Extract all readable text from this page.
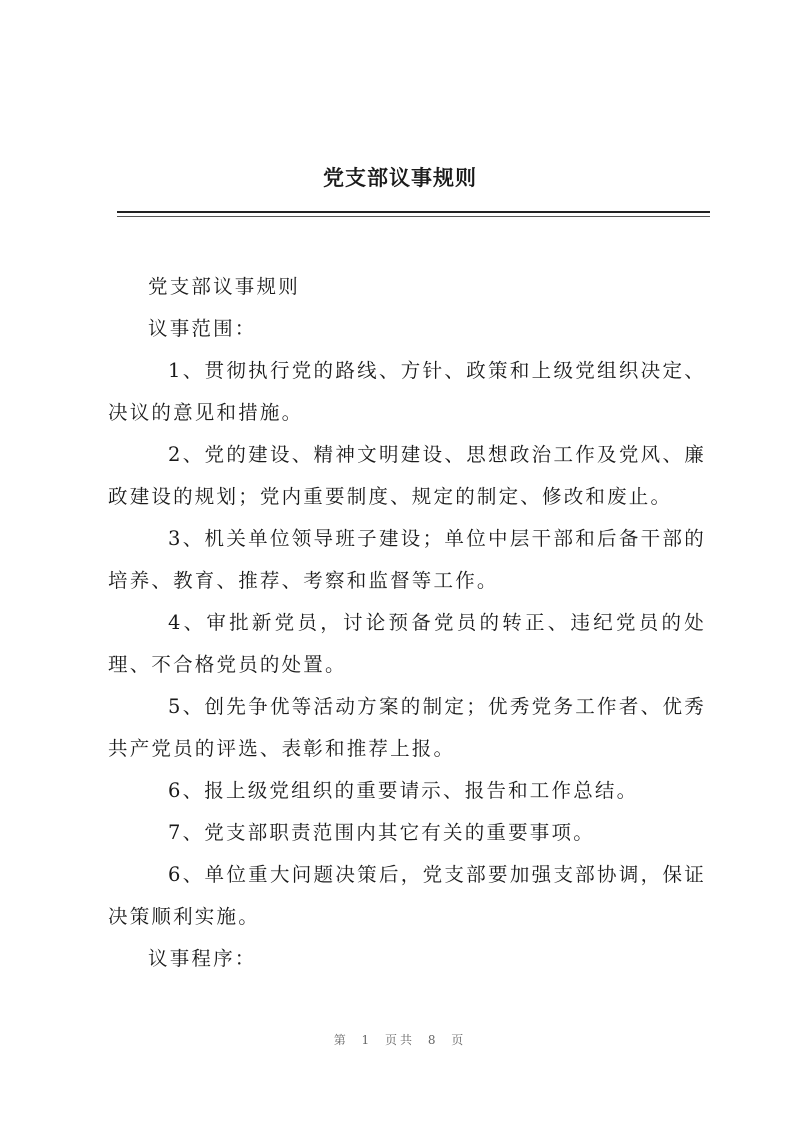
党支部议事规则

党支部议事规则

议事范围：

1、贯彻执行党的路线、方针、政策和上级党组织决定、决议的意见和措施。

2、党的建设、精神文明建设、思想政治工作及党风、廉政建设的规划；党内重要制度、规定的制定、修改和废止。

3、机关单位领导班子建设；单位中层干部和后备干部的培养、教育、推荐、考察和监督等工作。

4、审批新党员，讨论预备党员的转正、违纪党员的处理、不合格党员的处置。

5、创先争优等活动方案的制定；优秀党务工作者、优秀共产党员的评选、表彰和推荐上报。

6、报上级党组织的重要请示、报告和工作总结。

7、党支部职责范围内其它有关的重要事项。

6、单位重大问题决策后，党支部要加强支部协调，保证决策顺利实施。

议事程序：

第 1 页共 8 页
